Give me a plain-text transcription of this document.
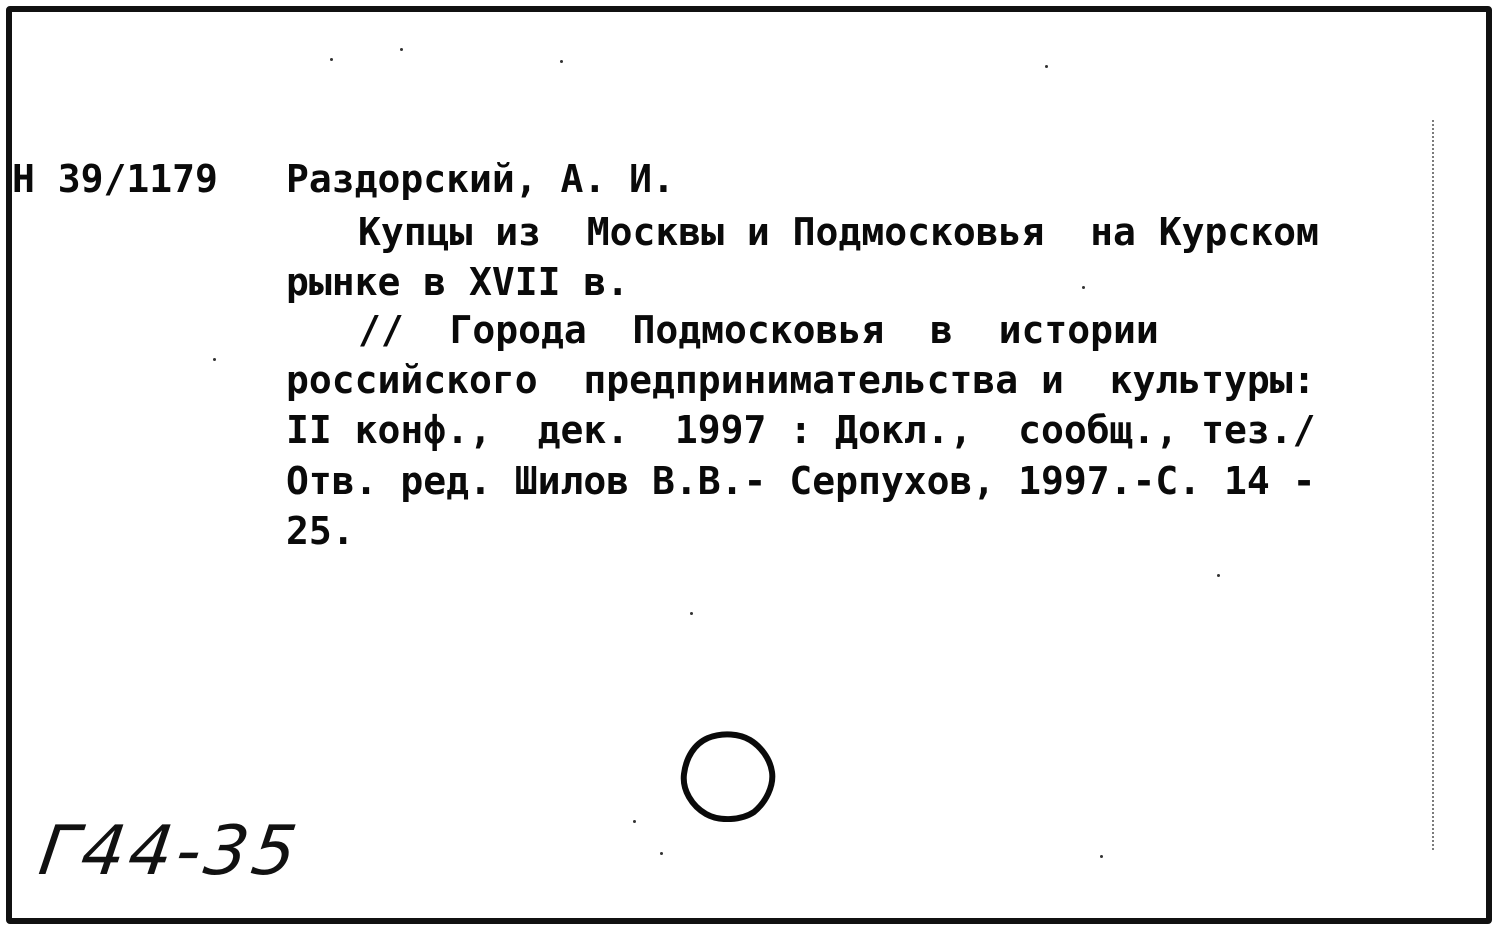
Н 39/1179 Раздорский, А. И.
Купцы из  Москвы и Подмосковья  на Курском
рынке в XVII в.
//  Города  Подмосковья  в  истории
российского  предпринимательства и  культуры:
II конф.,  дек.  1997 : Докл.,  сообщ., тез./
Отв. ред. Шилов В.В.- Серпухов, 1997.-С. 14 -
25.
Г44-35
